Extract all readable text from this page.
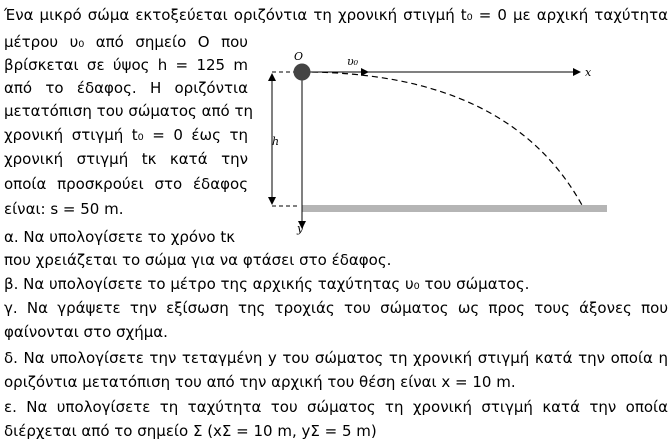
Ένα μικρό σώμα εκτοξεύεται οριζόντια τη χρονική στιγμή t₀ = 0 με αρχική ταχύτητα
μέτρου υ₀ από σημείο Ο που
βρίσκεται σε ύψος h = 125 m
από το έδαφος. Η οριζόντια
μετατόπιση του σώματος από τη
χρονική στιγμή t₀ = 0 έως τη
χρονική στιγμή tκ κατά την
οποία προσκρούει στο έδαφος
είναι: s = 50 m.
α. Να υπολογίσετε το χρόνο tκ
που χρειάζεται το σώμα για να φτάσει στο έδαφος.
β. Να υπολογίσετε το μέτρο της αρχικής ταχύτητας υ₀ του σώματος.
γ. Να γράψετε την εξίσωση της τροχιάς του σώματος ως προς τους άξονες που
φαίνονται στο σχήμα.
δ. Να υπολογίσετε την τεταγμένη y του σώματος τη χρονική στιγμή κατά την οποία η
οριζόντια μετατόπιση του από την αρχική του θέση είναι x = 10 m.
ε. Να υπολογίσετε τη ταχύτητα του σώματος τη χρονική στιγμή κατά την οποία
διέρχεται από το σημείο Σ (xΣ = 10 m, yΣ = 5 m)
O	υ₀
x
y
h
